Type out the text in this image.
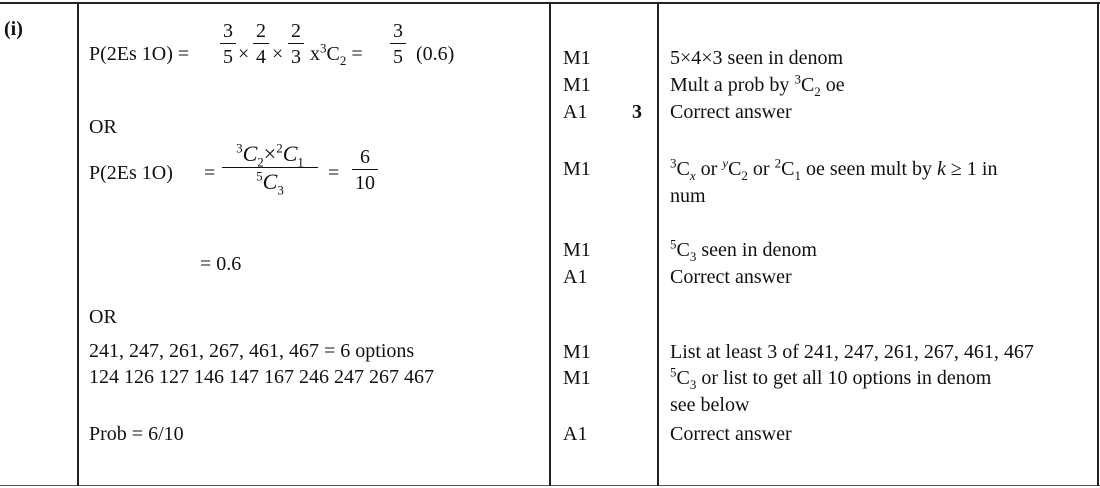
(i)
P(2Es 1O) =
3
5 ×
2
4 ×
2
3 $x^3C_2$ =
3
5 (0.6)
OR
P(2Es 1O) =
$^3C_2\times^2C_1$
$^5C_3$
=
6
10
= 0.6
OR
241, 247, 261, 267, 461, 467 = 6 options
124 126 127 146 147 167 246 247 267 467
Prob = 6/10
M1
M1
A1 3
M1
M1
A1
M1
M1
A1
5×4×3 seen in denom
Mult a prob by $^3C_2$ oe
Correct answer
$^3C_x$ or $^yC_2$ or $^2C_1$ oe seen mult by k ≥ 1 in
num
$^5C_3$ seen in denom
Correct answer
List at least 3 of 241, 247, 261, 267, 461, 467
$^5C_3$ or list to get all 10 options in denom
see below
Correct answer
